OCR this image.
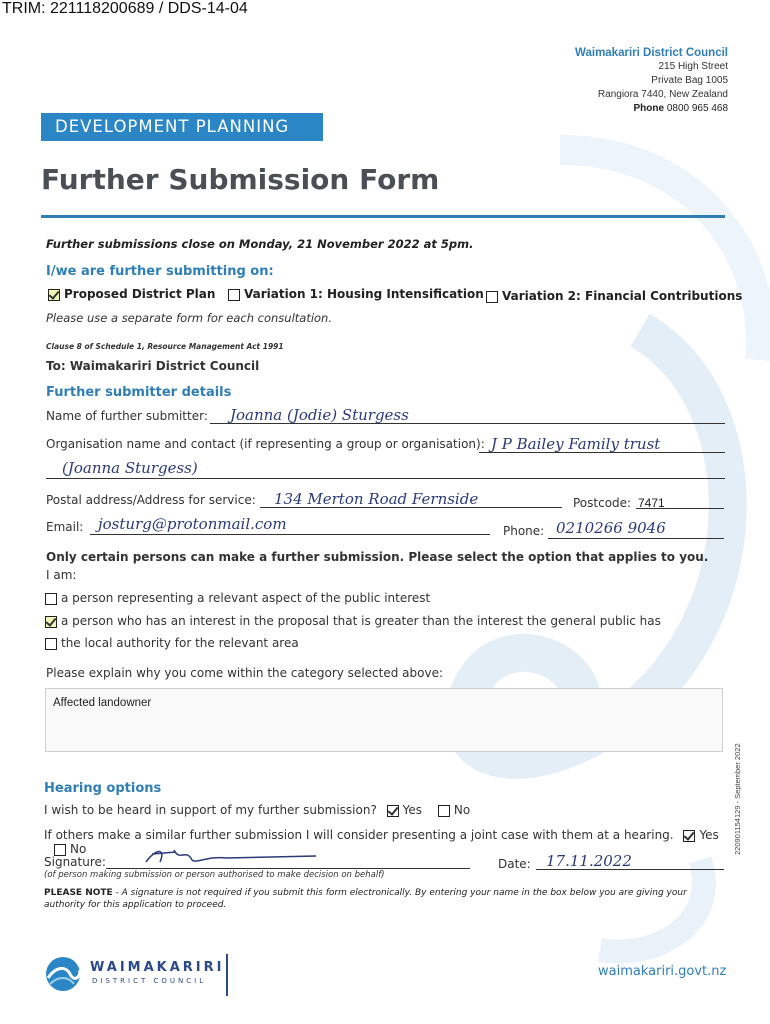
TRIM: 221118200689 / DDS-14-04
Waimakariri District Council
215 High Street
Private Bag 1005
Rangiora 7440, New Zealand
Phone 0800 965 468
DEVELOPMENT PLANNING
Further Submission Form
Further submissions close on Monday, 21 November 2022 at 5pm.
I/we are further submitting on:
Proposed District Plan	Variation 1: Housing Intensification	Variation 2: Financial Contributions
Please use a separate form for each consultation.
Clause 8 of Schedule 1, Resource Management Act 1991
To: Waimakariri District Council
Further submitter details
Name of further submitter:	Joanna (Jodie) Sturgess
Organisation name and contact (if representing a group or organisation): J P Bailey Family trust
(Joanna Sturgess)
Postal address/Address for service:	134 Merton Road Fernside	Postcode: 7471
Email: josturg@protonmail.com	Phone: 0210266 9046
Only certain persons can make a further submission. Please select the option that applies to you.
I am:
a person representing a relevant aspect of the public interest
a person who has an interest in the proposal that is greater than the interest the general public has
the local authority for the relevant area
Please explain why you come within the category selected above:
Affected landowner
Hearing options
I wish to be heard in support of my further submission? Yes	No
If others make a similar further submission I will consider presenting a joint case with them at a hearing. Yes No
Signature:	Date:	17.11.2022
(of person making submission or person authorised to make decision on behalf)
PLEASE NOTE - A signature is not required if you submit this form electronically. By entering your name in the box below you are giving your authority for this application to proceed.
WAIMAKARIRI
DISTRICT COUNCIL
waimakariri.govt.nz
220901154129 - September 2022
